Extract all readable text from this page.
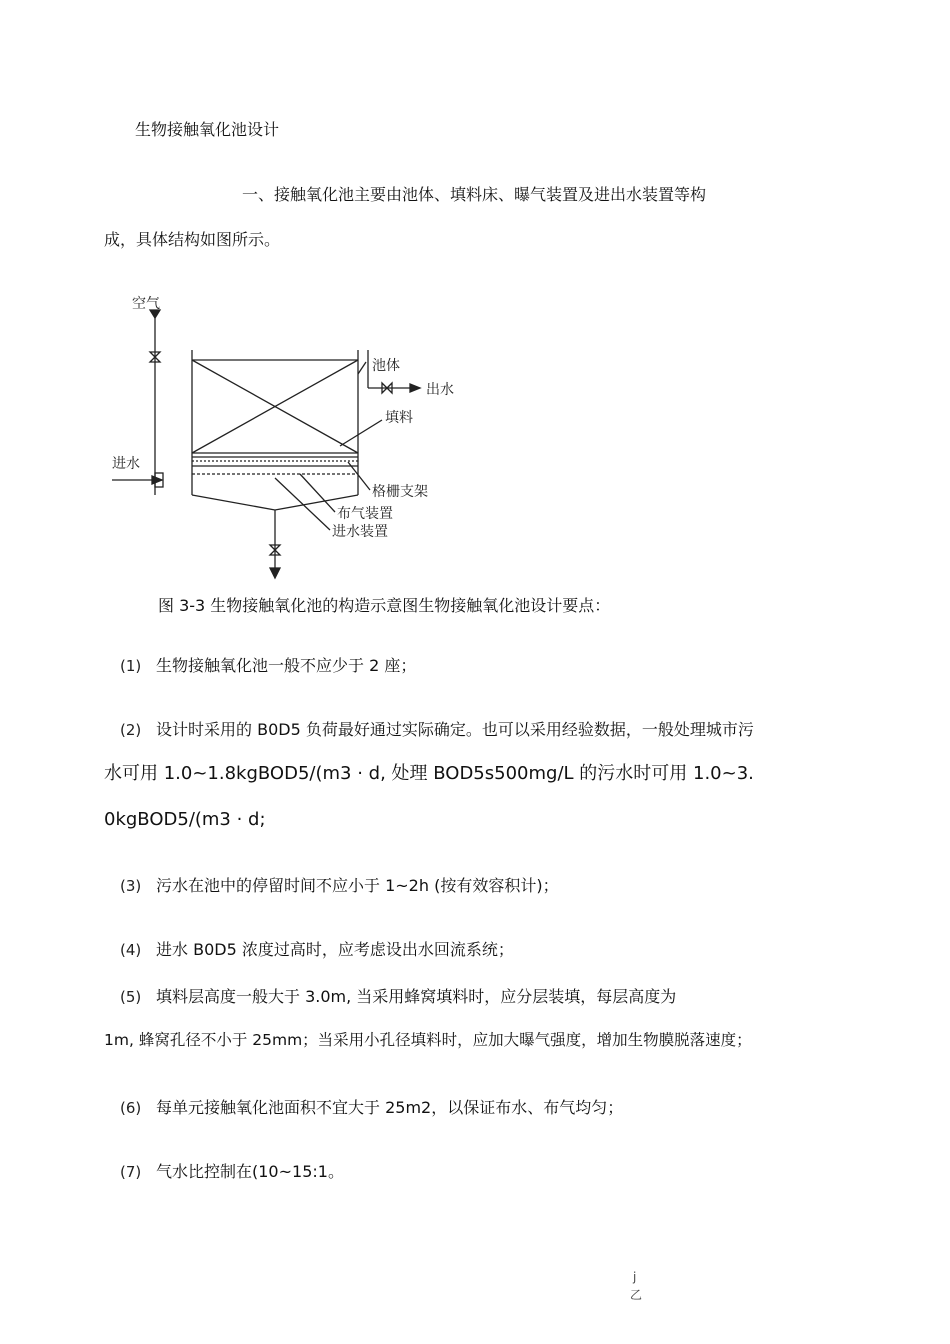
生物接触氧化池设计
一、接触氧化池主要由池体、填料床、曝气装置及进出水装置等构
成，具体结构如图所示。
空气
进水
池体
出水
填料
格栅支架
布气装置
进水装置
图 3-3 生物接触氧化池的构造示意图生物接触氧化池设计要点：
(1) 生物接触氧化池一般不应少于 2 座；
(2) 设计时采用的 B0D5 负荷最好通过实际确定。也可以采用经验数据，一般处理城市污
水可用 1.0~1.8kgBOD5/(m3 · d, 处理 BOD5s500mg/L 的污水时可用 1.0~3.
0kgBOD5/(m3 · d;
(3) 污水在池中的停留时间不应小于 1~2h (按有效容积计)；
(4) 进水 B0D5 浓度过高时，应考虑设出水回流系统；
(5) 填料层高度一般大于 3.0m, 当采用蜂窝填料时，应分层装填，每层高度为
1m, 蜂窝孔径不小于 25mm；当采用小孔径填料时，应加大曝气强度，增加生物膜脱落速度；
(6) 每单元接触氧化池面积不宜大于 25m2，以保证布水、布气均匀；
(7) 气水比控制在(10~15:1。
j
乙
